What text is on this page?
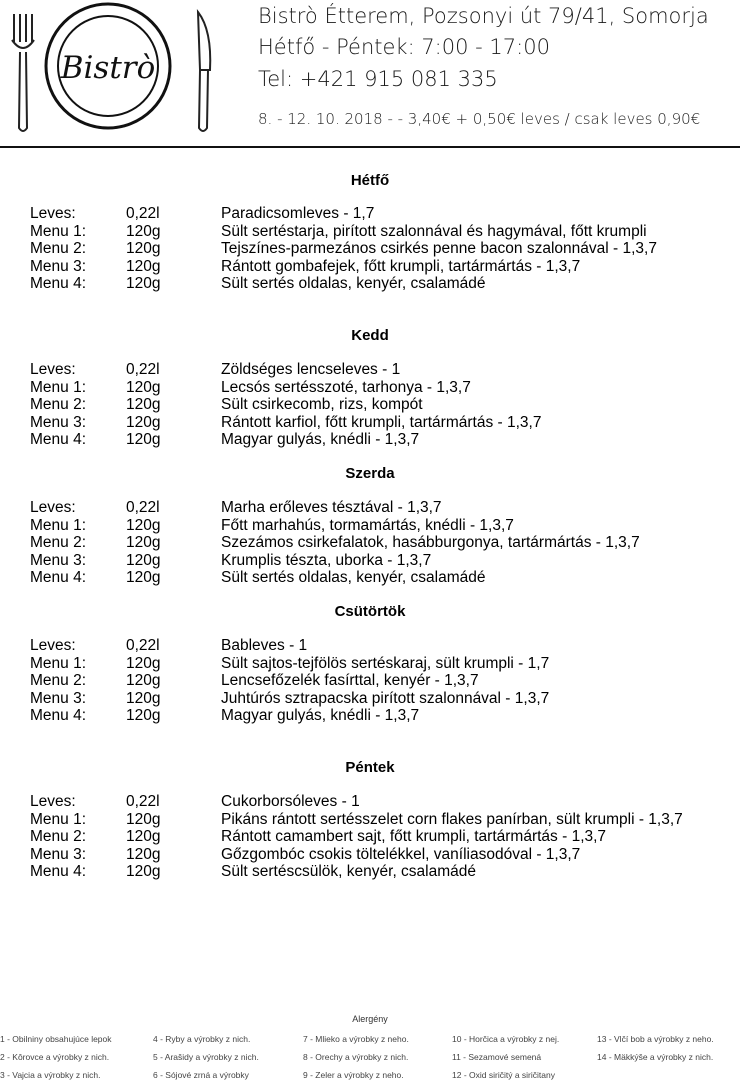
Bistrò
Bistrò Étterem, Pozsonyi út 79/41, Somorja
Hétfő - Péntek: 7:00 - 17:00
Tel: +421 915 081 335
8. - 12. 10. 2018 - - 3,40€ + 0,50€ leves / csak leves 0,90€
Hétfő
Leves:	0,22l	Paradicsomleves - 1,7
Menu 1:	120g	Sült sertéstarja, pirított szalonnával és hagymával, főtt krumpli
Menu 2:	120g	Tejszínes-parmezános csirkés penne bacon szalonnával - 1,3,7
Menu 3:	120g	Rántott gombafejek, főtt krumpli, tartármártás - 1,3,7
Menu 4:	120g	Sült sertés oldalas, kenyér, csalamádé
Kedd
Leves:	0,22l	Zöldséges lencseleves - 1
Menu 1:	120g	Lecsós sertésszoté, tarhonya - 1,3,7
Menu 2:	120g	Sült csirkecomb, rizs, kompót
Menu 3:	120g	Rántott karfiol, főtt krumpli, tartármártás - 1,3,7
Menu 4:	120g	Magyar gulyás, knédli - 1,3,7
Szerda
Leves:	0,22l	Marha erőleves tésztával - 1,3,7
Menu 1:	120g	Főtt marhahús, tormamártás, knédli - 1,3,7
Menu 2:	120g	Szezámos csirkefalatok, hasábburgonya, tartármártás - 1,3,7
Menu 3:	120g	Krumplis tészta, uborka - 1,3,7
Menu 4:	120g	Sült sertés oldalas, kenyér, csalamádé
Csütörtök
Leves:	0,22l	Bableves - 1
Menu 1:	120g	Sült sajtos-tejfölös sertéskaraj, sült krumpli - 1,7
Menu 2:	120g	Lencsefőzelék fasírttal, kenyér - 1,3,7
Menu 3:	120g	Juhtúrós sztrapacska pirított szalonnával - 1,3,7
Menu 4:	120g	Magyar gulyás, knédli - 1,3,7
Péntek
Leves:	0,22l	Cukorborsóleves - 1
Menu 1:	120g	Pikáns rántott sertésszelet corn flakes panírban, sült krumpli - 1,3,7
Menu 2:	120g	Rántott camambert sajt, főtt krumpli, tartármártás - 1,3,7
Menu 3:	120g	Gőzgombóc csokis töltelékkel, vaníliasodóval - 1,3,7
Menu 4:	120g	Sült sertéscsülök, kenyér, csalamádé
Alergény
1 - Obilniny obsahujúce lepok
2 - Kôrovce a výrobky z nich.
3 - Vajcia a výrobky z nich.
4 - Ryby a výrobky z nich.
5 - Arašidy a výrobky z nich.
6 - Sójové zrná a výrobky
7 - Mlieko a výrobky z neho.
8 - Orechy a výrobky z nich.
9 - Zeler a výrobky z neho.
10 - Horčica a výrobky z nej.
11 - Sezamové semená
12 - Oxid siričitý a siričitany
13 - Vlčí bob a výrobky z neho.
14 - Mäkkýše a výrobky z nich.
